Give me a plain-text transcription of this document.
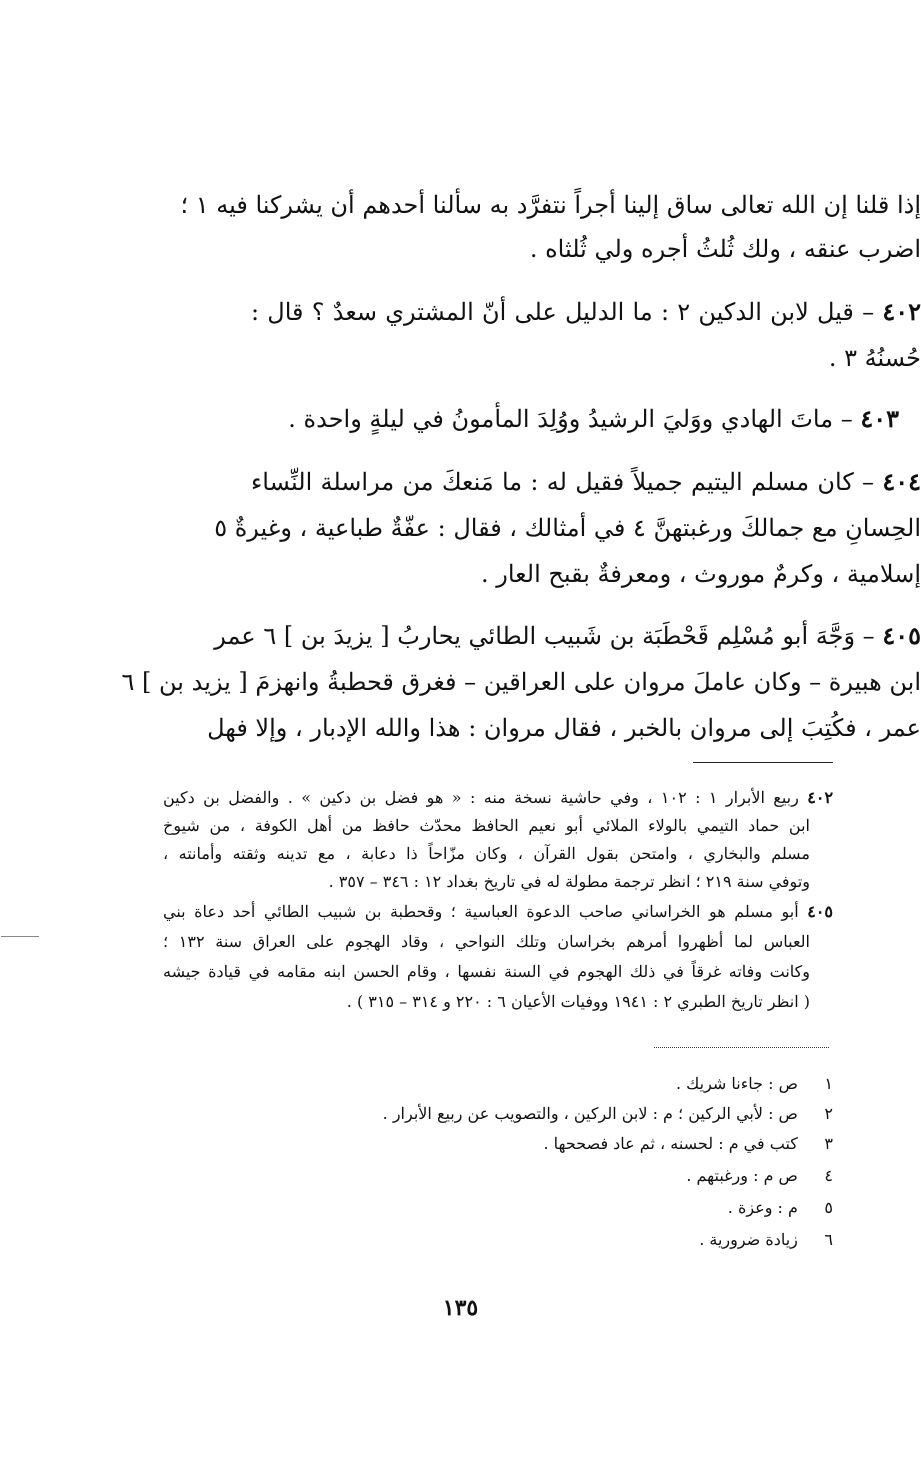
إذا قلنا إن الله تعالى ساق إلينا أجراً نتفرَّد به سألنا أحدهم أن يشركنا فيه ١ ؛
اضرب عنقه ، ولك ثُلثُ أجره ولي ثُلثاه .
٤٠٢ – قيل لابن الدكين ٢ : ما الدليل على أنّ المشتري سعدٌ ؟ قال :
حُسنُهُ ٣ .
٤٠٣ – ماتَ الهادي ووَليَ الرشيدُ ووُلِدَ المأمونُ في ليلةٍ واحدة .
٤٠٤ – كان مسلم اليتيم جميلاً فقيل له : ما مَنعكَ من مراسلة النِّساء
الحِسانِ مع جمالكَ ورغبتهنَّ ٤ في أمثالك ، فقال : عفّةٌ طباعية ، وغيرةٌ ٥
إسلامية ، وكرمٌ موروث ، ومعرفةٌ بقبح العار .
٤٠٥ – وَجَّهَ أبو مُسْلِم قَحْطَبَة بن شَبيب الطائي يحاربُ [ يزيدَ بن ] ٦ عمر
ابن هبيرة – وكان عاملَ مروان على العراقين – فغرق قحطبةُ وانهزمَ [ يزيد بن ] ٦
عمر ، فكُتِبَ إلى مروان بالخبر ، فقال مروان : هذا والله الإدبار ، وإلا فهل
٤٠٢ ربيع الأبرار ١ : ١٠٢ ، وفي حاشية نسخة منه : « هو فضل بن دكين » . والفضل بن دكين
ابن حماد التيمي بالولاء الملائي أبو نعيم الحافظ محدّث حافظ من أهل الكوفة ، من شيوخ
مسلم والبخاري ، وامتحن بقول القرآن ، وكان مزّاحاً ذا دعابة ، مع تدينه وثقته وأمانته ،
وتوفي سنة ٢١٩ ؛ انظر ترجمة مطولة له في تاريخ بغداد ١٢ : ٣٤٦ – ٣٥٧ .
٤٠٥ أبو مسلم هو الخراساني صاحب الدعوة العباسية ؛ وقحطبة بن شبيب الطائي أحد دعاة بني
العباس لما أظهروا أمرهم بخراسان وتلك النواحي ، وقاد الهجوم على العراق سنة ١٣٢ ؛
وكانت وفاته غرقاً في ذلك الهجوم في السنة نفسها ، وقام الحسن ابنه مقامه في قيادة جيشه
( انظر تاريخ الطبري ٢ : ١٩٤١ ووفيات الأعيان ٦ : ٢٢٠ و ٣١٤ – ٣١٥ ) .
١ ص : جاءنا شريك .
٢ ص : لأبي الركين ؛ م : لابن الركين ، والتصويب عن ربيع الأبرار .
٣ كتب في م : لحسنه ، ثم عاد فصححها .
٤ ص م : ورغبتهم .
٥ م : وعزة .
٦ زيادة ضرورية .
١٣٥
